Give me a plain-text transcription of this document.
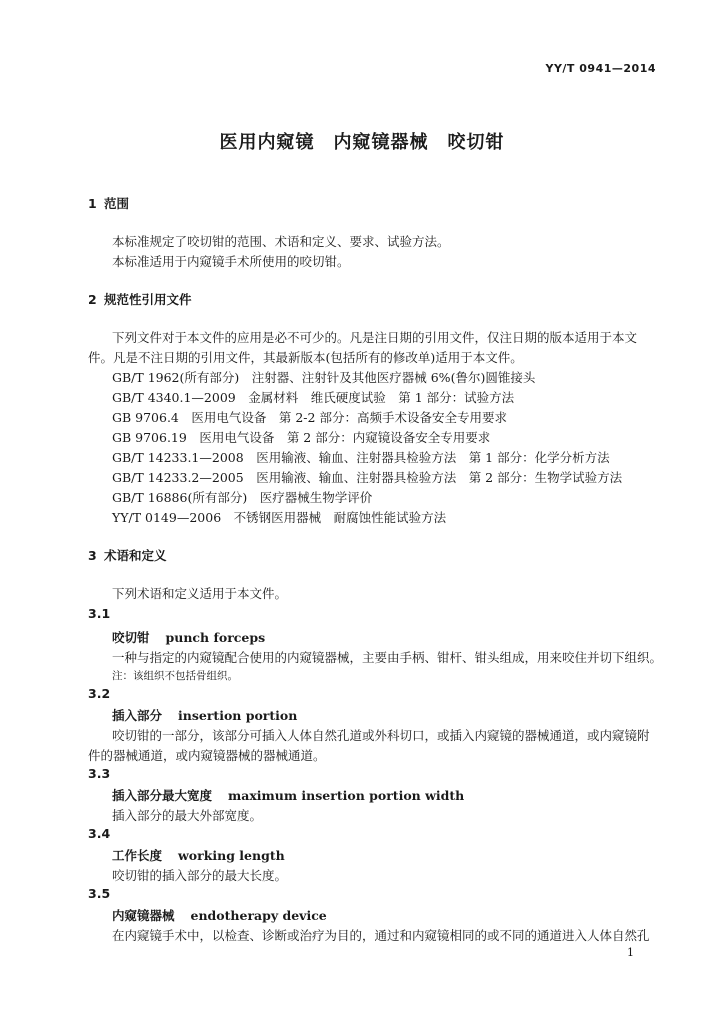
YY/T 0941—2014
医用内窥镜　内窥镜器械　咬切钳
1 范围
本标准规定了咬切钳的范围、术语和定义、要求、试验方法。
本标准适用于内窥镜手术所使用的咬切钳。
2 规范性引用文件
下列文件对于本文件的应用是必不可少的。凡是注日期的引用文件，仅注日期的版本适用于本文
件。凡是不注日期的引用文件，其最新版本(包括所有的修改单)适用于本文件。
GB/T 1962(所有部分)　注射器、注射针及其他医疗器械 6%(鲁尔)圆锥接头
GB/T 4340.1—2009　金属材料　维氏硬度试验　第 1 部分：试验方法
GB 9706.4　医用电气设备　第 2-2 部分：高频手术设备安全专用要求
GB 9706.19　医用电气设备　第 2 部分：内窥镜设备安全专用要求
GB/T 14233.1—2008　医用输液、输血、注射器具检验方法　第 1 部分：化学分析方法
GB/T 14233.2—2005　医用输液、输血、注射器具检验方法　第 2 部分：生物学试验方法
GB/T 16886(所有部分)　医疗器械生物学评价
YY/T 0149—2006　不锈钢医用器械　耐腐蚀性能试验方法
3 术语和定义
下列术语和定义适用于本文件。
3.1
咬切钳 punch forceps
一种与指定的内窥镜配合使用的内窥镜器械，主要由手柄、钳杆、钳头组成，用来咬住并切下组织。
注：该组织不包括骨组织。
3.2
插入部分 insertion portion
咬切钳的一部分，该部分可插入人体自然孔道或外科切口，或插入内窥镜的器械通道，或内窥镜附
件的器械通道，或内窥镜器械的器械通道。
3.3
插入部分最大宽度 maximum insertion portion width
插入部分的最大外部宽度。
3.4
工作长度 working length
咬切钳的插入部分的最大长度。
3.5
内窥镜器械 endotherapy device
在内窥镜手术中，以检查、诊断或治疗为目的，通过和内窥镜相同的或不同的通道进入人体自然孔
1
